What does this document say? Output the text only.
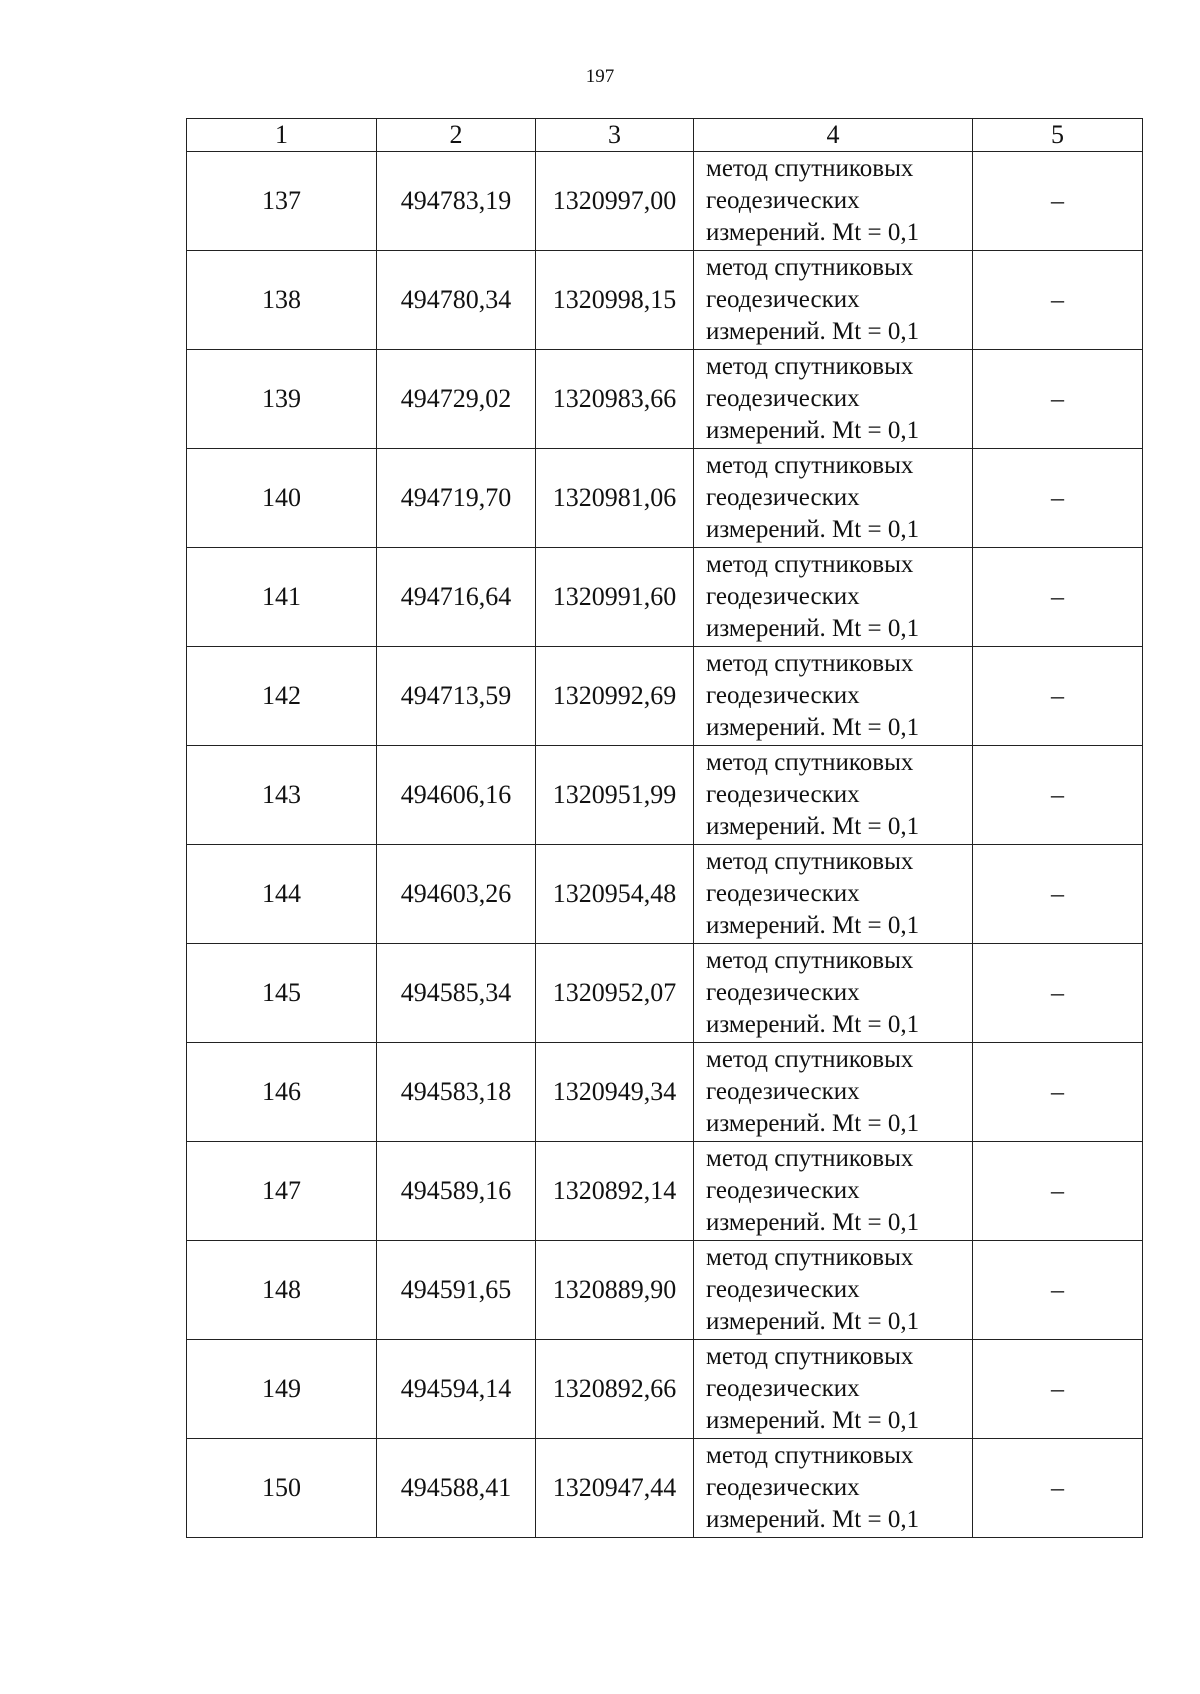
197
1	2	3	4	5
137	494783,19	1320997,00	метод спутниковых
геодезических
измерений. Mt = 0,1	–
138	494780,34	1320998,15	метод спутниковых
геодезических
измерений. Mt = 0,1	–
139	494729,02	1320983,66	метод спутниковых
геодезических
измерений. Mt = 0,1	–
140	494719,70	1320981,06	метод спутниковых
геодезических
измерений. Mt = 0,1	–
141	494716,64	1320991,60	метод спутниковых
геодезических
измерений. Mt = 0,1	–
142	494713,59	1320992,69	метод спутниковых
геодезических
измерений. Mt = 0,1	–
143	494606,16	1320951,99	метод спутниковых
геодезических
измерений. Mt = 0,1	–
144	494603,26	1320954,48	метод спутниковых
геодезических
измерений. Mt = 0,1	–
145	494585,34	1320952,07	метод спутниковых
геодезических
измерений. Mt = 0,1	–
146	494583,18	1320949,34	метод спутниковых
геодезических
измерений. Mt = 0,1	–
147	494589,16	1320892,14	метод спутниковых
геодезических
измерений. Mt = 0,1	–
148	494591,65	1320889,90	метод спутниковых
геодезических
измерений. Mt = 0,1	–
149	494594,14	1320892,66	метод спутниковых
геодезических
измерений. Mt = 0,1	–
150	494588,41	1320947,44	метод спутниковых
геодезических
измерений. Mt = 0,1	–
